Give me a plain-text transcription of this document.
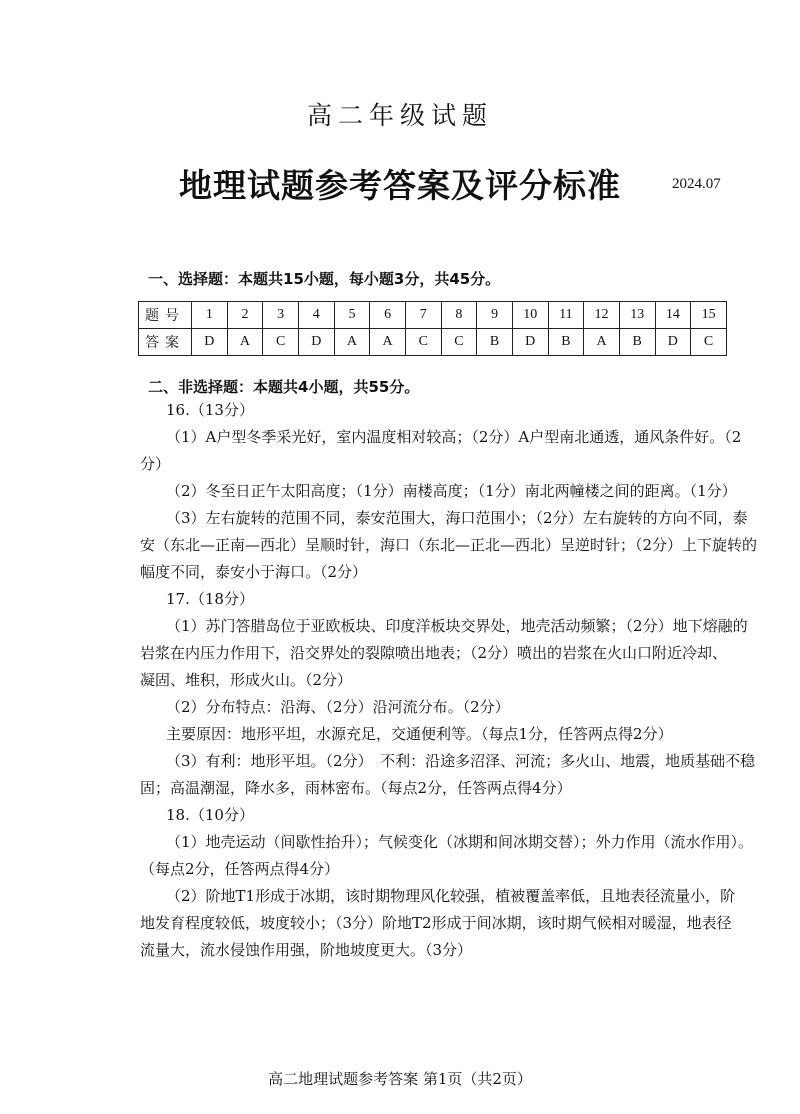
高二年级试题
地理试题参考答案及评分标准	2024.07
一、选择题：本题共15小题，每小题3分，共45分。
题号	1	2	3	4	5	6	7	8	9	10	11	12	13	14	15
答案	D	A	C	D	A	A	C	C	B	D	B	A	B	D	C
二、非选择题：本题共4小题，共55分。
16.（13分）
（1）A户型冬季采光好，室内温度相对较高；（2分）A户型南北通透，通风条件好。（2
分）
（2）冬至日正午太阳高度；（1分）南楼高度；（1分）南北两幢楼之间的距离。（1分）
（3）左右旋转的范围不同，泰安范围大，海口范围小；（2分）左右旋转的方向不同，泰
安（东北—正南—西北）呈顺时针，海口（东北—正北—西北）呈逆时针；（2分）上下旋转的
幅度不同，泰安小于海口。（2分）
17.（18分）
（1）苏门答腊岛位于亚欧板块、印度洋板块交界处，地壳活动频繁；（2分）地下熔融的
岩浆在内压力作用下，沿交界处的裂隙喷出地表；（2分）喷出的岩浆在火山口附近冷却、
凝固、堆积，形成火山。（2分）
（2）分布特点：沿海、（2分）沿河流分布。（2分）
主要原因：地形平坦，水源充足，交通便利等。（每点1分，任答两点得2分）
（3）有利：地形平坦。（2分）　不利：沿途多沼泽、河流；多火山、地震，地质基础不稳
固；高温潮湿，降水多，雨林密布。（每点2分，任答两点得4分）
18.（10分）
（1）地壳运动（间歇性抬升）；气候变化（冰期和间冰期交替）；外力作用（流水作用）。
（每点2分，任答两点得4分）
（2）阶地T1形成于冰期，该时期物理风化较强，植被覆盖率低，且地表径流量小，阶
地发育程度较低，坡度较小；（3分）阶地T2形成于间冰期，该时期气候相对暖湿，地表径
流量大，流水侵蚀作用强，阶地坡度更大。（3分）
高二地理试题参考答案 第1页（共2页）
